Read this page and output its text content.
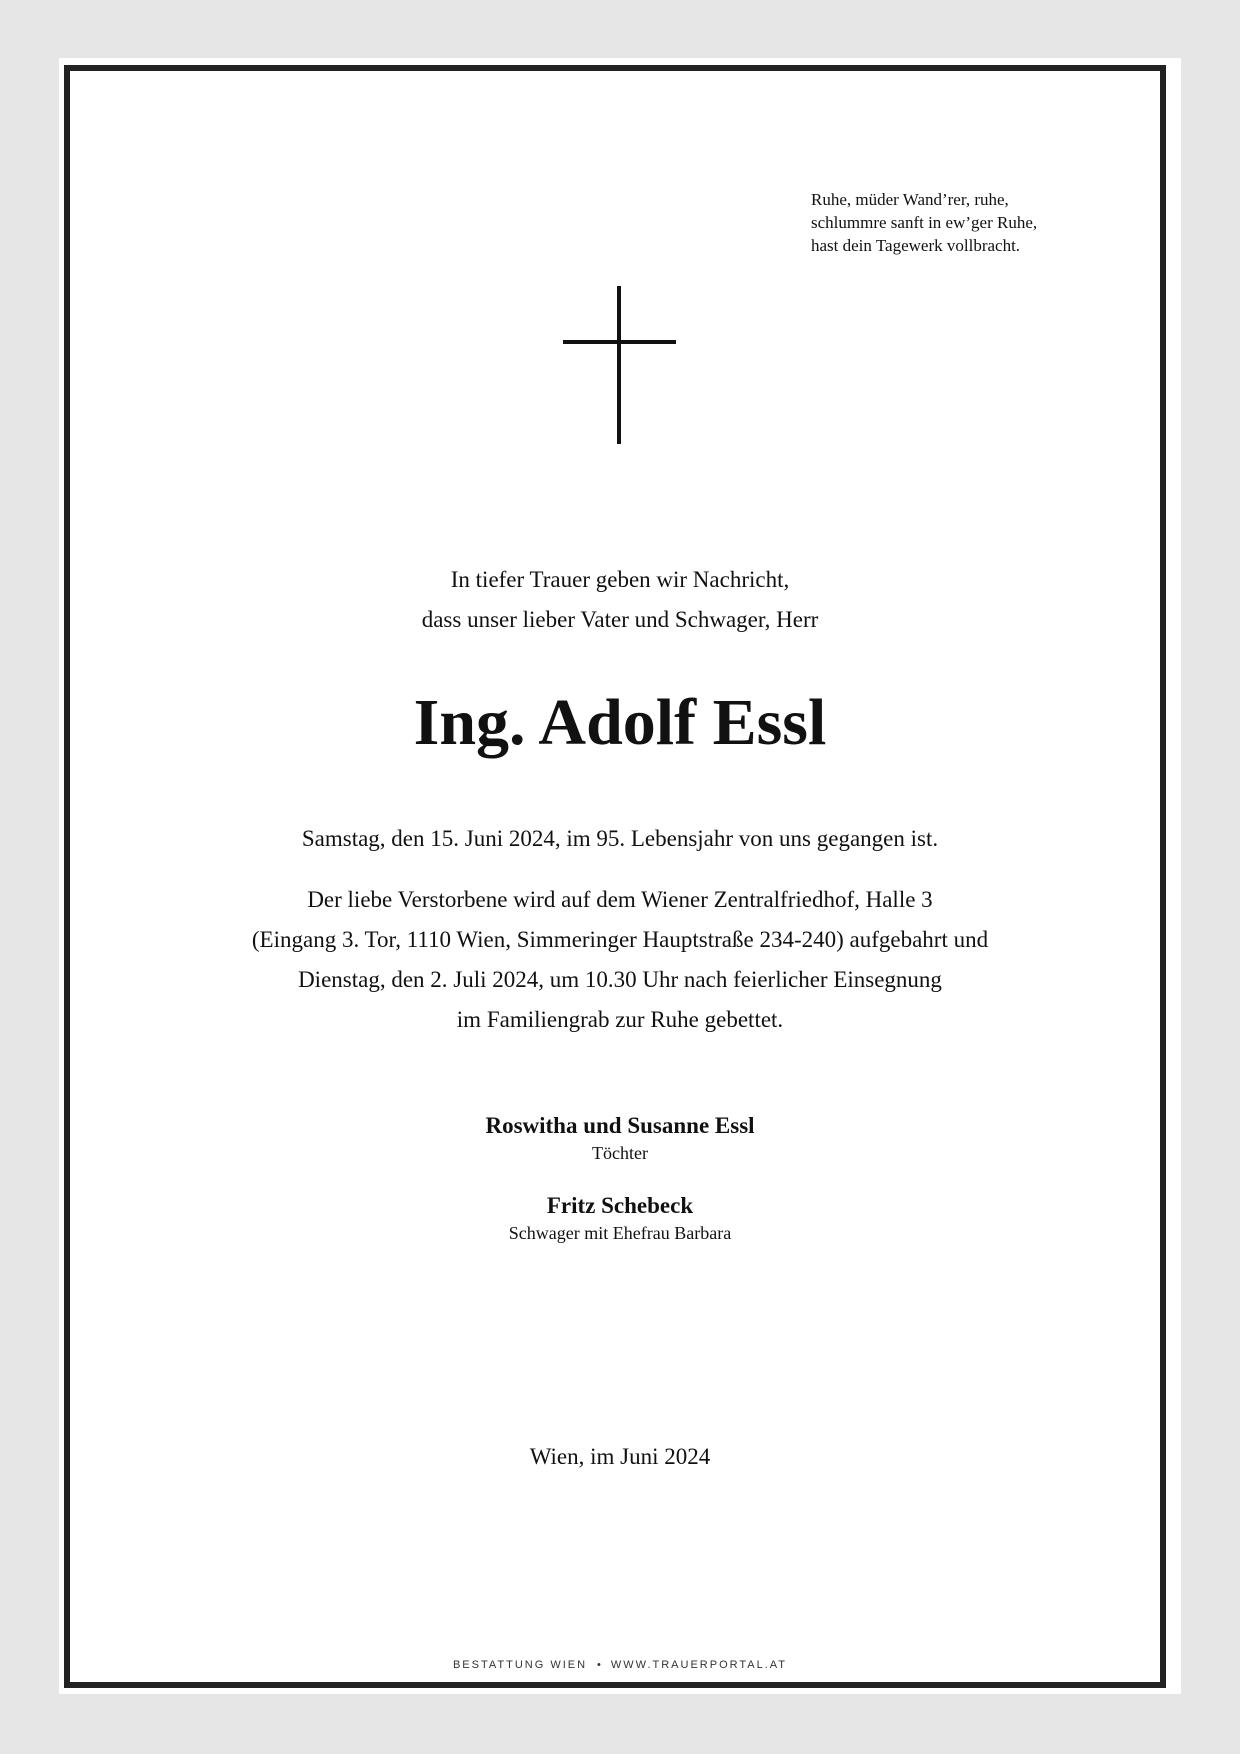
Ruhe, müder Wand’rer, ruhe,
schlummre sanft in ew’ger Ruhe,
hast dein Tagewerk vollbracht.
In tiefer Trauer geben wir Nachricht,
dass unser lieber Vater und Schwager, Herr
Ing. Adolf Essl
Samstag, den 15. Juni 2024, im 95. Lebensjahr von uns gegangen ist.
Der liebe Verstorbene wird auf dem Wiener Zentralfriedhof, Halle 3
(Eingang 3. Tor, 1110 Wien, Simmeringer Hauptstraße 234-240) aufgebahrt und
Dienstag, den 2. Juli 2024, um 10.30 Uhr nach feierlicher Einsegnung
im Familiengrab zur Ruhe gebettet.
Roswitha und Susanne Essl
Töchter
Fritz Schebeck
Schwager mit Ehefrau Barbara
Wien, im Juni 2024
BESTATTUNG WIEN • WWW.TRAUERPORTAL.AT
